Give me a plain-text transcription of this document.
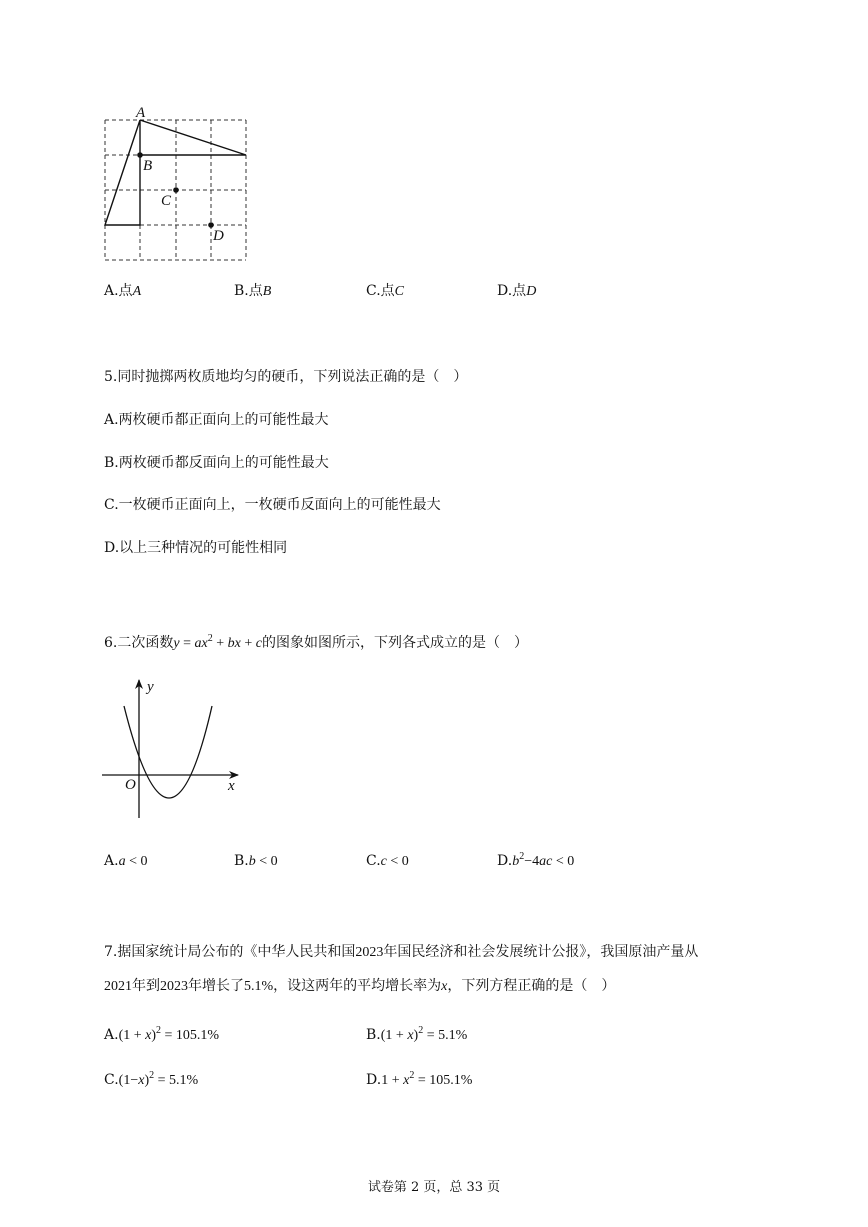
A
B
C
D
A.点A	B.点B	C.点C	D.点D
5.同时抛掷两枚质地均匀的硬币，下列说法正确的是（　）
A.两枚硬币都正面向上的可能性最大
B.两枚硬币都反面向上的可能性最大
C.一枚硬币正面向上，一枚硬币反面向上的可能性最大
D.以上三种情况的可能性相同
6.二次函数$y = ax^2$ + bx + c的图象如图所示，下列各式成立的是（　）
y
x
O
A.a < 0	B.b < 0	C.c < 0	$D.b^2-4ac < 0$
7.据国家统计局公布的《中华人民共和国2023年国民经济和社会发展统计公报》，我国原油产量从
2021年到2023年增长了5.1%，设这两年的平均增长率为x，下列方程正确的是（　）
$A.(1 + x)^2 = 105.1\%$	$B.(1 + x)^2 = 5.1\%$
$C.(1-x)^2 = 5.1\%$	$D.1 + x^2 = 105.1\%$
试卷第 2 页，总 33 页
